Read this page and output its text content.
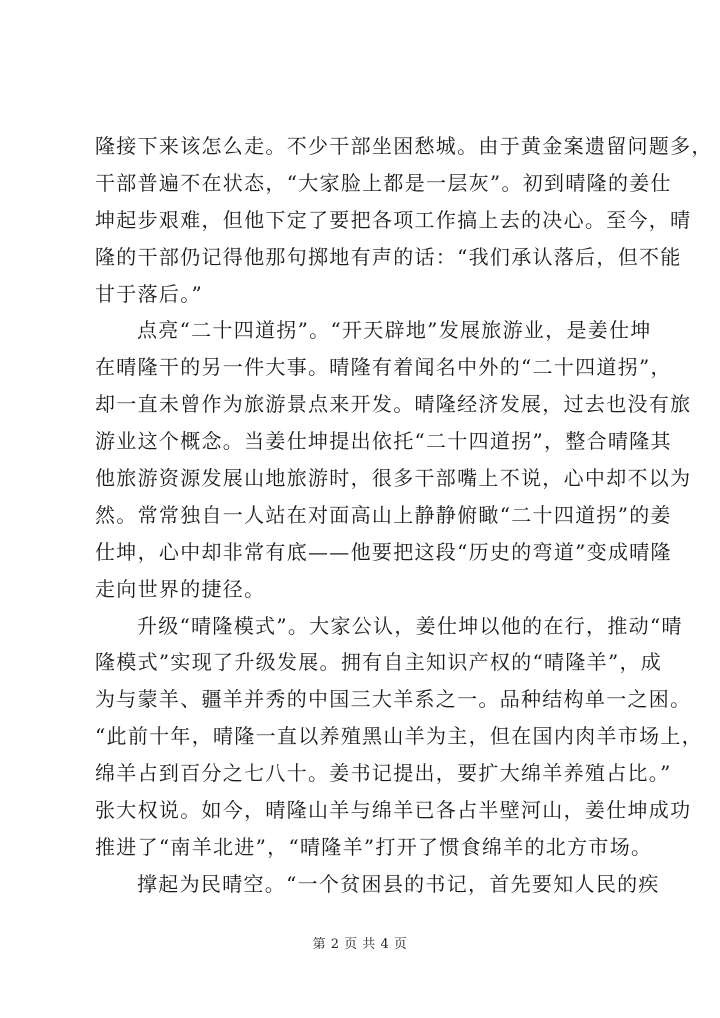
隆接下来该怎么走。不少干部坐困愁城。由于黄金案遗留问题多，
干部普遍不在状态，“大家脸上都是一层灰”。初到晴隆的姜仕
坤起步艰难，但他下定了要把各项工作搞上去的决心。至今，晴
隆的干部仍记得他那句掷地有声的话：“我们承认落后，但不能
甘于落后。”
点亮“二十四道拐”。“开天辟地”发展旅游业，是姜仕坤
在晴隆干的另一件大事。晴隆有着闻名中外的“二十四道拐”，
却一直未曾作为旅游景点来开发。晴隆经济发展，过去也没有旅
游业这个概念。当姜仕坤提出依托“二十四道拐”，整合晴隆其
他旅游资源发展山地旅游时，很多干部嘴上不说，心中却不以为
然。常常独自一人站在对面高山上静静俯瞰“二十四道拐”的姜
仕坤，心中却非常有底——他要把这段“历史的弯道”变成晴隆
走向世界的捷径。
升级“晴隆模式”。大家公认，姜仕坤以他的在行，推动“晴
隆模式”实现了升级发展。拥有自主知识产权的“晴隆羊”，成
为与蒙羊、疆羊并秀的中国三大羊系之一。品种结构单一之困。
“此前十年，晴隆一直以养殖黑山羊为主，但在国内肉羊市场上，
绵羊占到百分之七八十。姜书记提出，要扩大绵羊养殖占比。”
张大权说。如今，晴隆山羊与绵羊已各占半壁河山，姜仕坤成功
推进了“南羊北进”，“晴隆羊”打开了惯食绵羊的北方市场。
撑起为民晴空。“一个贫困县的书记，首先要知人民的疾
第 2 页 共 4 页
